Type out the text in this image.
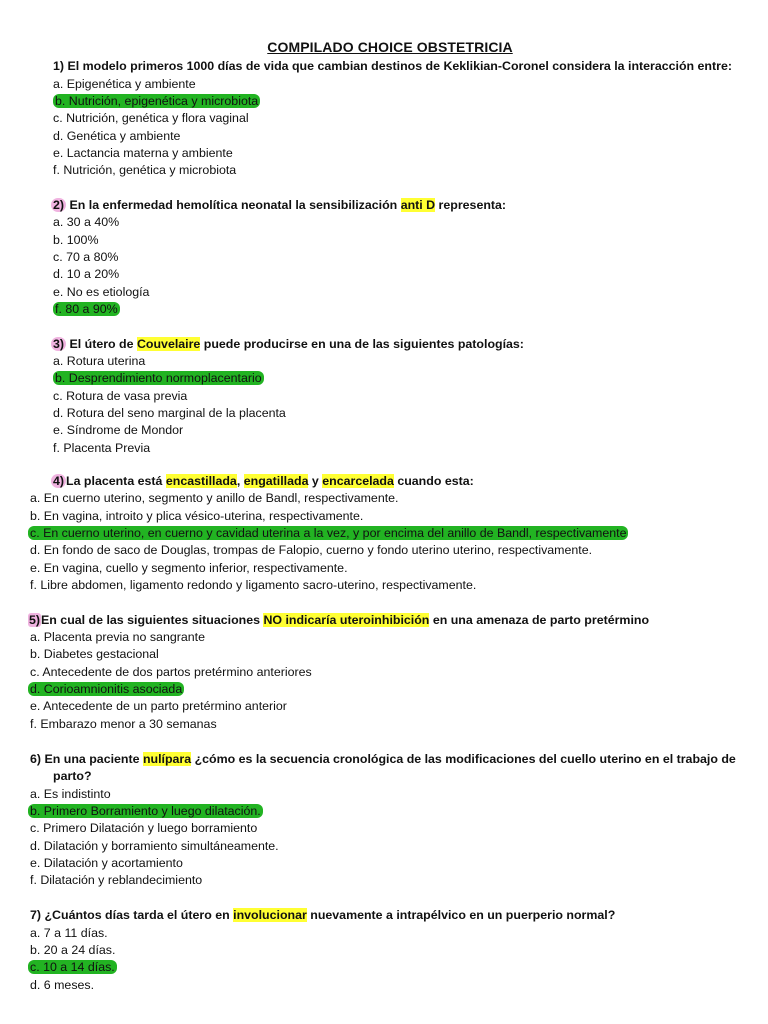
COMPILADO CHOICE OBSTETRICIA
1) El modelo primeros 1000 días de vida que cambian destinos de Keklikian-Coronel considera la interacción entre:
a. Epigenética y ambiente
b. Nutrición, epigenética y microbiota
c. Nutrición, genética y flora vaginal
d. Genética y ambiente
e. Lactancia materna y ambiente
f. Nutrición, genética y microbiota
2) En la enfermedad hemolítica neonatal la sensibilización anti D representa:
a. 30 a 40%
b. 100%
c. 70 a 80%
d. 10 a 20%
e. No es etiología
f. 80 a 90%
3) El útero de Couvelaire puede producirse en una de las siguientes patologías:
a. Rotura uterina
b. Desprendimiento normoplacentario
c. Rotura de vasa previa
d. Rotura del seno marginal de la placenta
e. Síndrome de Mondor
f. Placenta Previa
4) La placenta está encastillada, engatillada y encarcelada cuando esta:
a. En cuerno uterino, segmento y anillo de Bandl, respectivamente.
b. En vagina, introito y plica vésico-uterina, respectivamente.
c. En cuerno uterino, en cuerno y cavidad uterina a la vez, y por encima del anillo de Bandl, respectivamente
d. En fondo de saco de Douglas, trompas de Falopio, cuerno y fondo uterino uterino, respectivamente.
e. En vagina, cuello y segmento inferior, respectivamente.
f. Libre abdomen, ligamento redondo y ligamento sacro-uterino, respectivamente.
5)En cual de las siguientes situaciones NO indicaría uteroinhibición en una amenaza de parto pretérmino
a. Placenta previa no sangrante
b. Diabetes gestacional
c. Antecedente de dos partos pretérmino anteriores
d. Corioamnionitis asociada
e. Antecedente de un parto pretérmino anterior
f. Embarazo menor a 30 semanas
6) En una paciente nulípara ¿cómo es la secuencia cronológica de las modificaciones del cuello uterino en el trabajo de
parto?
a. Es indistinto
b. Primero Borramiento y luego dilatación.
c. Primero Dilatación y luego borramiento
d. Dilatación y borramiento simultáneamente.
e. Dilatación y acortamiento
f. Dilatación y reblandecimiento
7) ¿Cuántos días tarda el útero en involucionar nuevamente a intrapélvico en un puerperio normal?
a. 7 a 11 días.
b. 20 a 24 días.
c. 10 a 14 días.
d. 6 meses.
